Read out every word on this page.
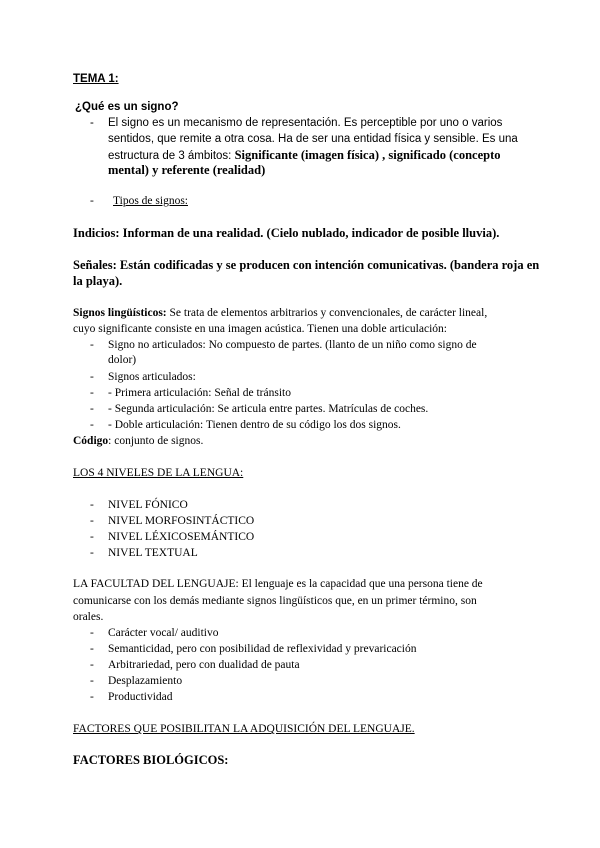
TEMA 1:
¿Qué es un signo?
- El signo es un mecanismo de representación. Es perceptible por uno o varios
sentidos, que remite a otra cosa. Ha de ser una entidad física y sensible. Es una
estructura de 3 ámbitos: Significante (imagen física) , significado (concepto
mental) y referente (realidad)
- Tipos de signos:
Indicios: Informan de una realidad. (Cielo nublado, indicador de posible lluvia).
Señales: Están codificadas y se producen con intención comunicativas. (bandera roja en
la playa).
Signos lingüísticos: Se trata de elementos arbitrarios y convencionales, de carácter lineal,
cuyo significante consiste en una imagen acústica. Tienen una doble articulación:
- Signo no articulados: No compuesto de partes. (llanto de un niño como signo de
dolor)
- Signos articulados:
- - Primera articulación: Señal de tránsito
- - Segunda articulación: Se articula entre partes. Matrículas de coches.
- - Doble articulación: Tienen dentro de su código los dos signos.
Código: conjunto de signos.
LOS 4 NIVELES DE LA LENGUA:
- NIVEL FÓNICO
- NIVEL MORFOSINTÁCTICO
- NIVEL LÉXICOSEMÁNTICO
- NIVEL TEXTUAL
LA FACULTAD DEL LENGUAJE: El lenguaje es la capacidad que una persona tiene de
comunicarse con los demás mediante signos lingüísticos que, en un primer término, son
orales.
- Carácter vocal/ auditivo
- Semanticidad, pero con posibilidad de reflexividad y prevaricación
- Arbitrariedad, pero con dualidad de pauta
- Desplazamiento
- Productividad
FACTORES QUE POSIBILITAN LA ADQUISICIÓN DEL LENGUAJE.
FACTORES BIOLÓGICOS:
